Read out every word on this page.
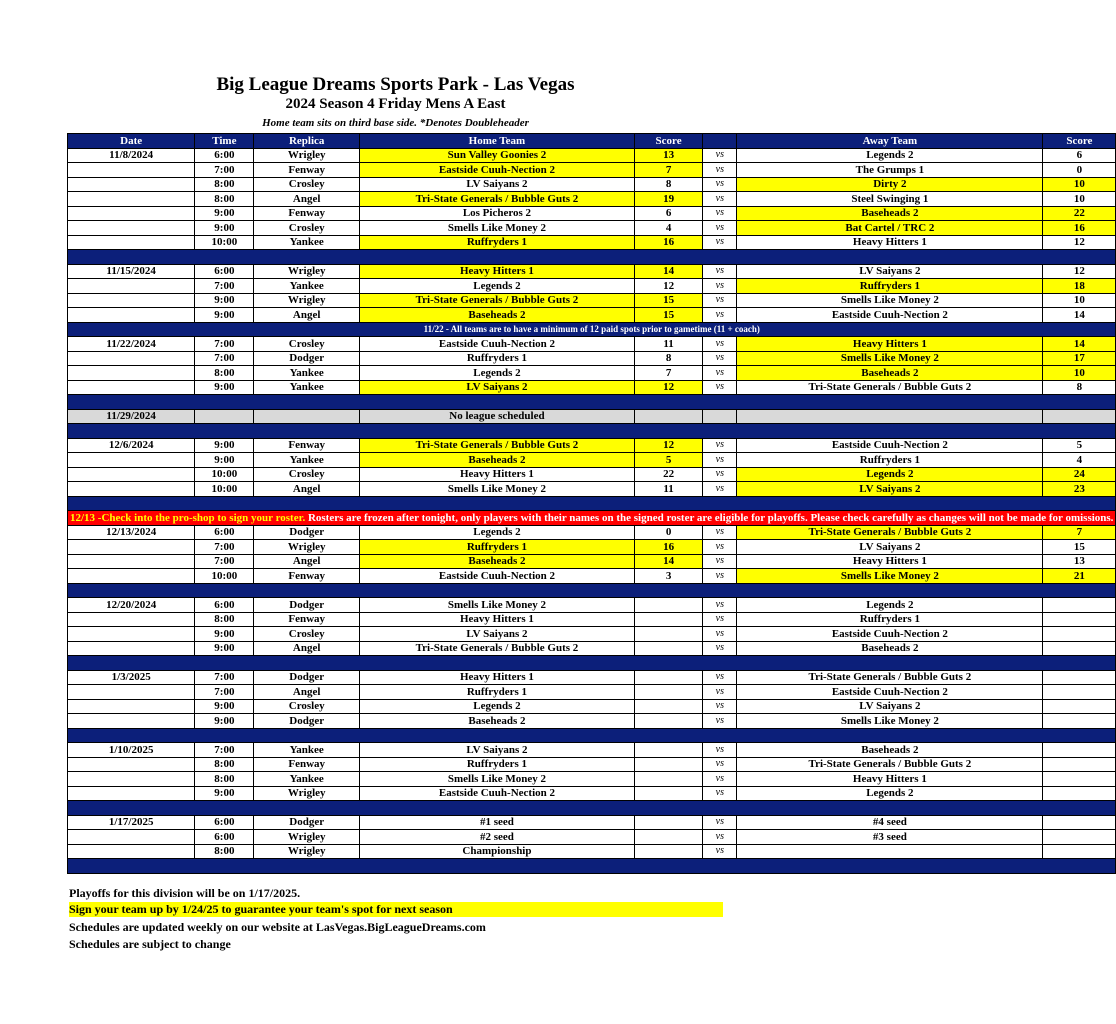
Big League Dreams Sports Park - Las Vegas
2024 Season 4 Friday Mens A East
Home team sits on third base side. *Denotes Doubleheader
Date	Time	Replica	Home Team	Score		Away Team	Score
11/8/2024	6:00	Wrigley	Sun Valley Goonies 2	13	vs	Legends 2	6
	7:00	Fenway	Eastside Cuuh-Nection 2	7	vs	The Grumps 1	0
	8:00	Crosley	LV Saiyans 2	8	vs	Dirty 2	10
	8:00	Angel	Tri-State Generals / Bubble Guts 2	19	vs	Steel Swinging 1	10
	9:00	Fenway	Los Picheros 2	6	vs	Baseheads 2	22
	9:00	Crosley	Smells Like Money 2	4	vs	Bat Cartel / TRC 2	16
	10:00	Yankee	Ruffryders 1	16	vs	Heavy Hitters 1	12

11/15/2024	6:00	Wrigley	Heavy Hitters 1	14	vs	LV Saiyans 2	12
	7:00	Yankee	Legends 2	12	vs	Ruffryders 1	18
	9:00	Wrigley	Tri-State Generals / Bubble Guts 2	15	vs	Smells Like Money 2	10
	9:00	Angel	Baseheads 2	15	vs	Eastside Cuuh-Nection 2	14
11/22 - All teams are to have a minimum of 12 paid spots prior to gametime (11 + coach)							
11/22/2024	7:00	Crosley	Eastside Cuuh-Nection 2	11	vs	Heavy Hitters 1	14
	7:00	Dodger	Ruffryders 1	8	vs	Smells Like Money 2	17
	8:00	Yankee	Legends 2	7	vs	Baseheads 2	10
	9:00	Yankee	LV Saiyans 2	12	vs	Tri-State Generals / Bubble Guts 2	8

11/29/2024			No league scheduled				

12/6/2024	9:00	Fenway	Tri-State Generals / Bubble Guts 2	12	vs	Eastside Cuuh-Nection 2	5
	9:00	Yankee	Baseheads 2	5	vs	Ruffryders 1	4
	10:00	Crosley	Heavy Hitters 1	22	vs	Legends 2	24
	10:00	Angel	Smells Like Money 2	11	vs	LV Saiyans 2	23

12/13 -Check into the pro-shop to sign your roster. Rosters are frozen after tonight, only players with their names on the signed roster are eligible for playoffs. Please check carefully as changes will not be made for omissions.							
12/13/2024	6:00	Dodger	Legends 2	0	vs	Tri-State Generals / Bubble Guts 2	7
	7:00	Wrigley	Ruffryders 1	16	vs	LV Saiyans 2	15
	7:00	Angel	Baseheads 2	14	vs	Heavy Hitters 1	13
	10:00	Fenway	Eastside Cuuh-Nection 2	3	vs	Smells Like Money 2	21

12/20/2024	6:00	Dodger	Smells Like Money 2		vs	Legends 2	
	8:00	Fenway	Heavy Hitters 1		vs	Ruffryders 1	
	9:00	Crosley	LV Saiyans 2		vs	Eastside Cuuh-Nection 2	
	9:00	Angel	Tri-State Generals / Bubble Guts 2		vs	Baseheads 2	

1/3/2025	7:00	Dodger	Heavy Hitters 1		vs	Tri-State Generals / Bubble Guts 2	
	7:00	Angel	Ruffryders 1		vs	Eastside Cuuh-Nection 2	
	9:00	Crosley	Legends 2		vs	LV Saiyans 2	
	9:00	Dodger	Baseheads 2		vs	Smells Like Money 2	

1/10/2025	7:00	Yankee	LV Saiyans 2		vs	Baseheads 2	
	8:00	Fenway	Ruffryders 1		vs	Tri-State Generals / Bubble Guts 2	
	8:00	Yankee	Smells Like Money 2		vs	Heavy Hitters 1	
	9:00	Wrigley	Eastside Cuuh-Nection 2		vs	Legends 2	

1/17/2025	6:00	Dodger	#1 seed		vs	#4 seed	
	6:00	Wrigley	#2 seed		vs	#3 seed	
	8:00	Wrigley	Championship		vs		

Playoffs for this division will be on 1/17/2025.
Sign your team up by 1/24/25 to guarantee your team's spot for next season
Schedules are updated weekly on our website at LasVegas.BigLeagueDreams.com
Schedules are subject to change
